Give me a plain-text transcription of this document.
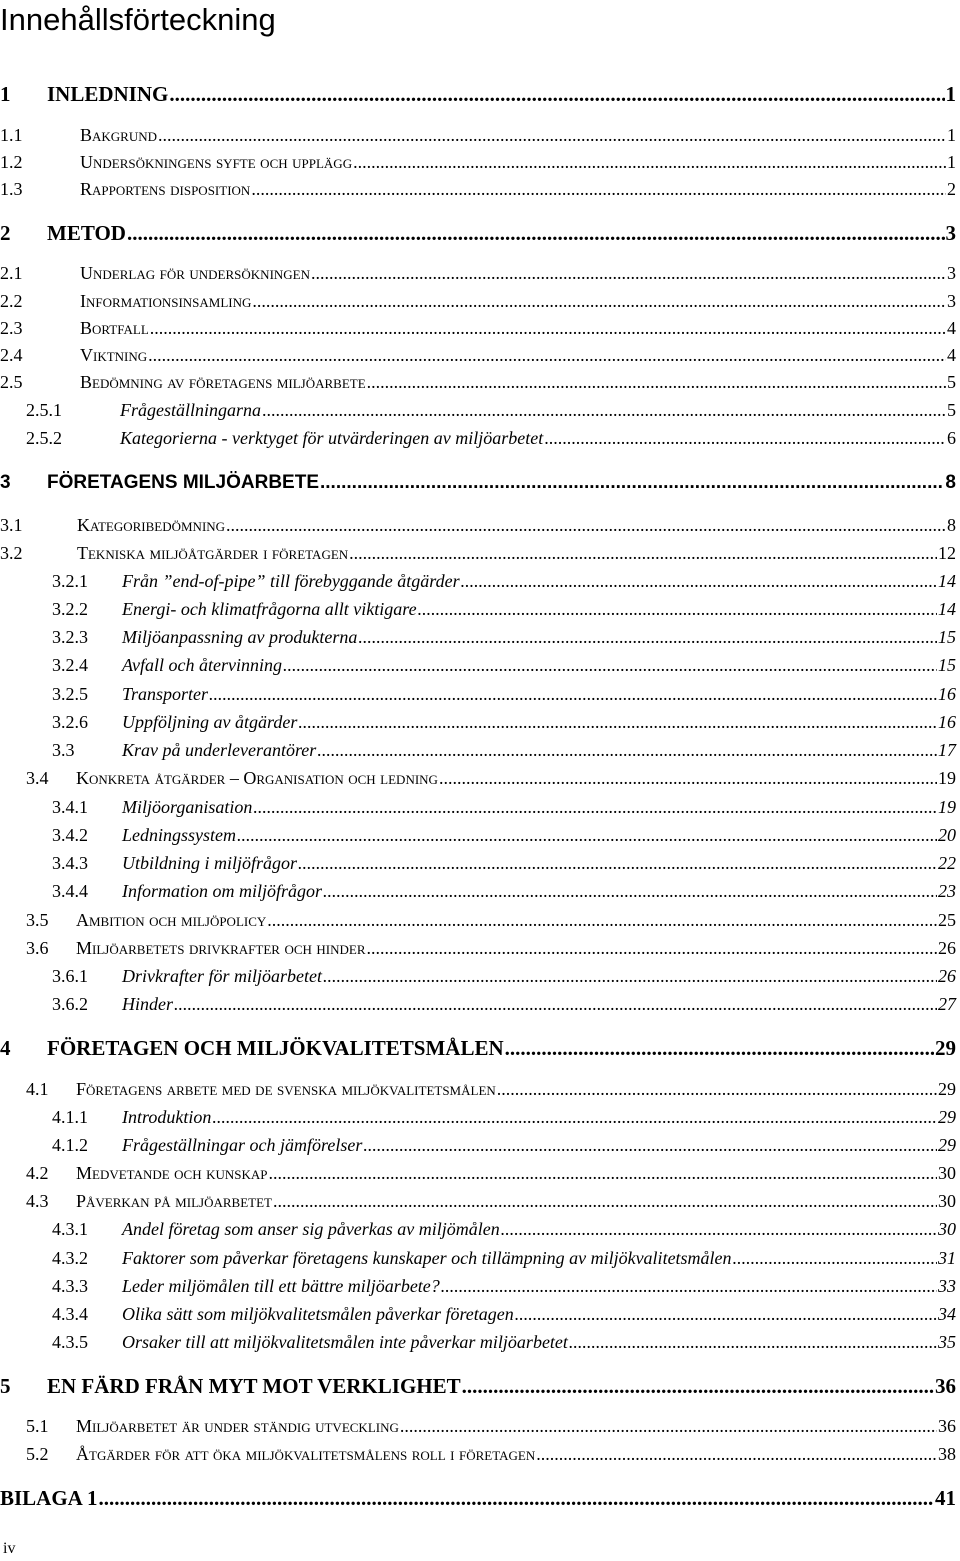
Innehållsförteckning
1	INLEDNING .....	1
1.1	Bakgrund .....	1
1.2	Undersökningens syfte och upplägg .....	1
1.3	Rapportens disposition .....	2
2	METOD .....	3
2.1	Underlag för undersökningen .....	3
2.2	Informationsinsamling .....	3
2.3	Bortfall .....	4
2.4	Viktning .....	4
2.5	Bedömning av företagens miljöarbete .....	5
2.5.1	Frågeställningarna .....	5
2.5.2	Kategorierna - verktyget för utvärderingen av miljöarbetet .....	6
3	FÖRETAGENS MILJÖARBETE .....	8
3.1	Kategoribedömning .....	8
3.2	Tekniska miljöåtgärder i företagen .....	12
3.2.1	Från ”end-of-pipe” till förebyggande åtgärder .....	14
3.2.2	Energi- och klimatfrågorna allt viktigare .....	14
3.2.3	Miljöanpassning av produkterna .....	15
3.2.4	Avfall och återvinning .....	15
3.2.5	Transporter .....	16
3.2.6	Uppföljning av åtgärder .....	16
3.3	Krav på underleverantörer .....	17
3.4	Konkreta åtgärder – Organisation och ledning .....	19
3.4.1	Miljöorganisation .....	19
3.4.2	Ledningssystem .....	20
3.4.3	Utbildning i miljöfrågor .....	22
3.4.4	Information om miljöfrågor .....	23
3.5	Ambition och miljöpolicy .....	25
3.6	Miljöarbetets drivkrafter och hinder .....	26
3.6.1	Drivkrafter för miljöarbetet .....	26
3.6.2	Hinder .....	27
4	FÖRETAGEN OCH MILJÖKVALITETSMÅLEN .....	29
4.1	Företagens arbete med de svenska miljökvalitetsmålen .....	29
4.1.1	Introduktion .....	29
4.1.2	Frågeställningar och jämförelser .....	29
4.2	Medvetande och kunskap .....	30
4.3	Påverkan på miljöarbetet .....	30
4.3.1	Andel företag som anser sig påverkas av miljömålen .....	30
4.3.2	Faktorer som påverkar företagens kunskaper och tillämpning av miljökvalitetsmålen .....	31
4.3.3	Leder miljömålen till ett bättre miljöarbete? .....	33
4.3.4	Olika sätt som miljökvalitetsmålen påverkar företagen .....	34
4.3.5	Orsaker till att miljökvalitetsmålen inte påverkar miljöarbetet .....	35
5	EN FÄRD FRÅN MYT MOT VERKLIGHET .....	36
5.1	Miljöarbetet är under ständig utveckling .....	36
5.2	Åtgärder för att öka miljökvalitetsmålens roll i företagen .....	38
BILAGA 1 .....	41

iv
